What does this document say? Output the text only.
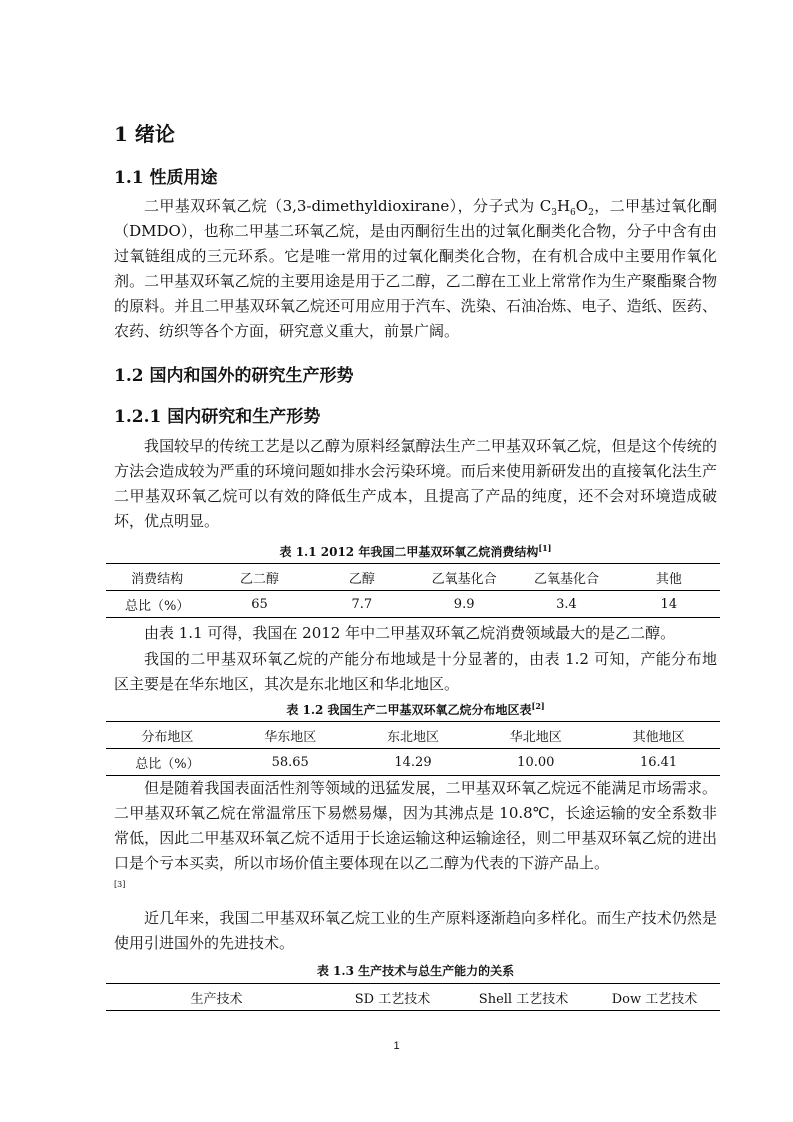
1 绪论
1.1 性质用途

二甲基双环氧乙烷（3,3-dimethyldioxirane），分子式为 $C_3H_6O_2$，二甲基过氧化酮（DMDO），也称二甲基二环氧乙烷，是由丙酮衍生出的过氧化酮类化合物，分子中含有由过氧链组成的三元环系。它是唯一常用的过氧化酮类化合物，在有机合成中主要用作氧化剂。二甲基双环氧乙烷的主要用途是用于乙二醇，乙二醇在工业上常常作为生产聚酯聚合物的原料。并且二甲基双环氧乙烷还可用应用于汽车、洗染、石油冶炼、电子、造纸、医药、农药、纺织等各个方面，研究意义重大，前景广阔。

1.2 国内和国外的研究生产形势
1.2.1 国内研究和生产形势

我国较早的传统工艺是以乙醇为原料经氯醇法生产二甲基双环氧乙烷，但是这个传统的方法会造成较为严重的环境问题如排水会污染环境。而后来使用新研发出的直接氧化法生产二甲基双环氧乙烷可以有效的降低生产成本，且提高了产品的纯度，还不会对环境造成破坏，优点明显。

表 1.1 2012 年我国二甲基双环氧乙烷消费结构[1]
消费结构	乙二醇	乙醇	乙氧基化合	乙氧基化合	其他
总比（%）	65	7.7	9.9	3.4	14

由表 1.1 可得，我国在 2012 年中二甲基双环氧乙烷消费领域最大的是乙二醇。

我国的二甲基双环氧乙烷的产能分布地域是十分显著的，由表 1.2 可知，产能分布地区主要是在华东地区，其次是东北地区和华北地区。

表 1.2 我国生产二甲基双环氧乙烷分布地区表[2]
分布地区	华东地区	东北地区	华北地区	其他地区
总比（%）	58.65	14.29	10.00	16.41

但是随着我国表面活性剂等领域的迅猛发展，二甲基双环氧乙烷远不能满足市场需求。二甲基双环氧乙烷在常温常压下易燃易爆，因为其沸点是 10.8℃，长途运输的安全系数非常低，因此二甲基双环氧乙烷不适用于长途运输这种运输途径，则二甲基双环氧乙烷的进出口是个亏本买卖，所以市场价值主要体现在以乙二醇为代表的下游产品上。

[3]

近几年来，我国二甲基双环氧乙烷工业的生产原料逐渐趋向多样化。而生产技术仍然是使用引进国外的先进技术。

表 1.3 生产技术与总生产能力的关系
生产技术	SD 工艺技术	Shell 工艺技术	Dow 工艺技术
1
